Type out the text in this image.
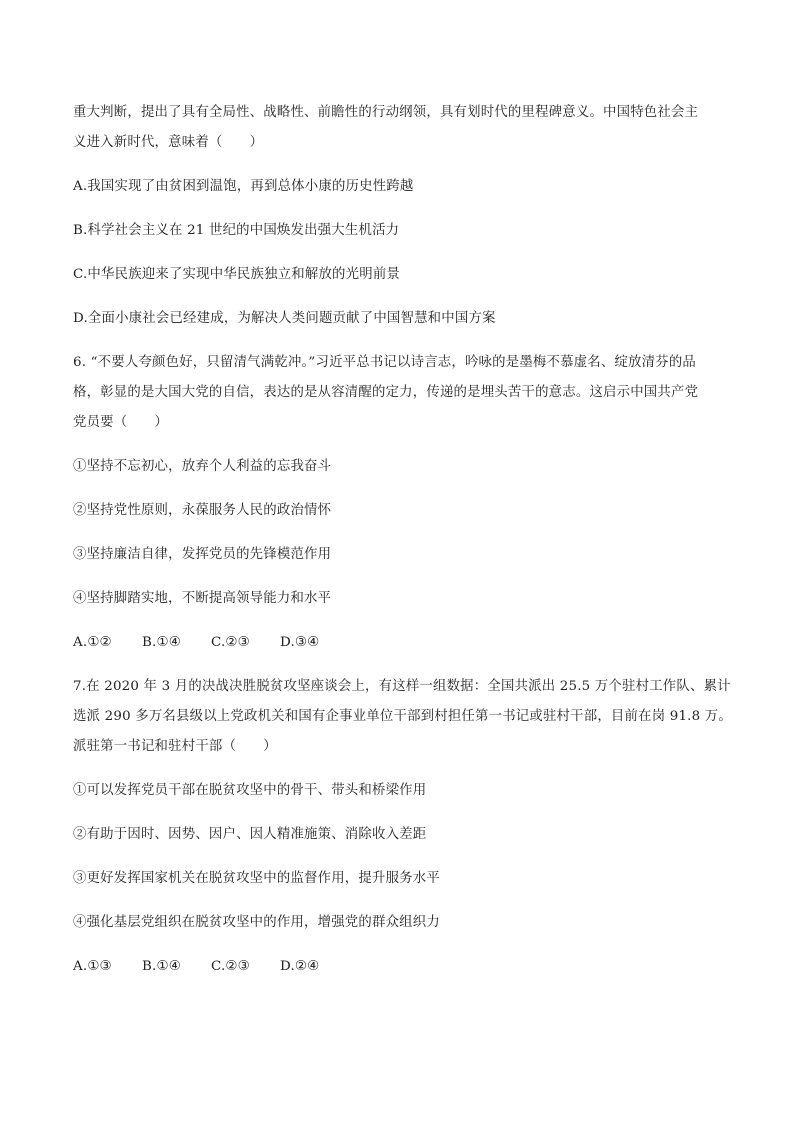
重大判断，提出了具有全局性、战略性、前瞻性的行动纲领，具有划时代的里程碑意义。中国特色社会主

义进入新时代，意味着（　　）

A.我国实现了由贫困到温饱，再到总体小康的历史性跨越

B.科学社会主义在 21 世纪的中国焕发出强大生机活力

C.中华民族迎来了实现中华民族独立和解放的光明前景

D.全面小康社会已经建成，为解决人类问题贡献了中国智慧和中国方案

6. “不要人夸颜色好，只留清气满乾冲。”习近平总书记以诗言志，吟咏的是墨梅不慕虚名、绽放清芬的品

格，彰显的是大国大党的自信，表达的是从容清醒的定力，传递的是埋头苦干的意志。这启示中国共产党

党员要（　　）

①坚持不忘初心，放弃个人利益的忘我奋斗

②坚持党性原则，永葆服务人民的政治情怀

③坚持廉洁自律，发挥党员的先锋模范作用

④坚持脚踏实地，不断提高领导能力和水平

A.①②	B.①④	C.②③	D.③④

7.在 2020 年 3 月的决战决胜脱贫攻坚座谈会上，有这样一组数据：全国共派出 25.5 万个驻村工作队、累计

选派 290 多万名县级以上党政机关和国有企事业单位干部到村担任第一书记或驻村干部，目前在岗 91.8 万。

派驻第一书记和驻村干部（　　）

①可以发挥党员干部在脱贫攻坚中的骨干、带头和桥梁作用

②有助于因时、因势、因户、因人精准施策、消除收入差距

③更好发挥国家机关在脱贫攻坚中的监督作用，提升服务水平

④强化基层党组织在脱贫攻坚中的作用，增强党的群众组织力

A.①③	B.①④	C.②③	D.②④
